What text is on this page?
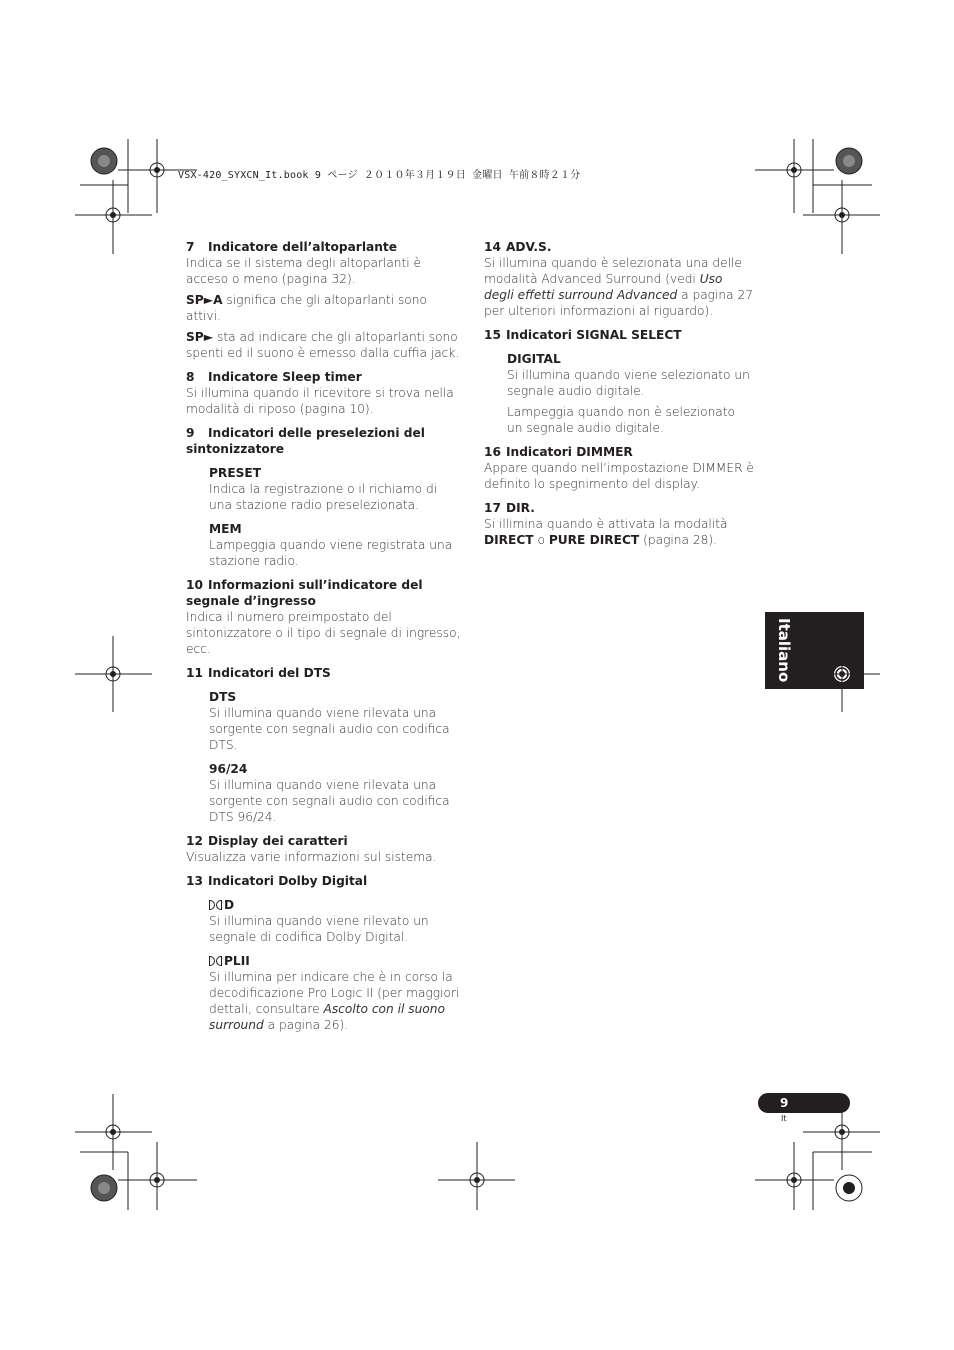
VSX-420_SYXCN_It.book 9 ページ ２０１０年３月１９日 金曜日 午前８時２１分

7 Indicatore dell’altoparlante

Indica se il sistema degli altoparlanti è acceso o meno (pagina 32).

SP►A significa che gli altoparlanti sono attivi.

SP► sta ad indicare che gli altoparlanti sono spenti ed il suono è emesso dalla cuffia jack.

8 Indicatore Sleep timer

Si illumina quando il ricevitore si trova nella modalità di riposo (pagina 10).

9 Indicatori delle preselezioni del sintonizzatore

PRESET

Indica la registrazione o il richiamo di una stazione radio preselezionata.

MEM

Lampeggia quando viene registrata una stazione radio.

10 Informazioni sull’indicatore del segnale d’ingresso

Indica il numero preimpostato del sintonizzatore o il tipo di segnale di ingresso, ecc.

11 Indicatori del DTS

DTS

Si illumina quando viene rilevata una sorgente con segnali audio con codifica DTS.

96/24

Si illumina quando viene rilevata una sorgente con segnali audio con codifica DTS 96/24.

12 Display dei caratteri

Visualizza varie informazioni sul sistema.

13 Indicatori Dolby Digital

D

Si illumina quando viene rilevato un segnale di codifica Dolby Digital.

PLII

Si illumina per indicare che è in corso la decodificazione Pro Logic II (per maggiori dettali, consultare Ascolto con il suono surround a pagina 26).

14 ADV.S.

Si illumina quando è selezionata una delle modalità Advanced Surround (vedi Uso degli effetti surround Advanced a pagina 27 per ulteriori informazioni al riguardo).

15 Indicatori SIGNAL SELECT

DIGITAL

Si illumina quando viene selezionato un segnale audio digitale.

Lampeggia quando non è selezionato un segnale audio digitale.

16 Indicatori DIMMER

Appare quando nell’impostazione DIMMER è definito lo spegnimento del display.

17 DIR.

Si illimina quando è attivata la modalità DIRECT o PURE DIRECT (pagina 28).

Italiano
9
It
